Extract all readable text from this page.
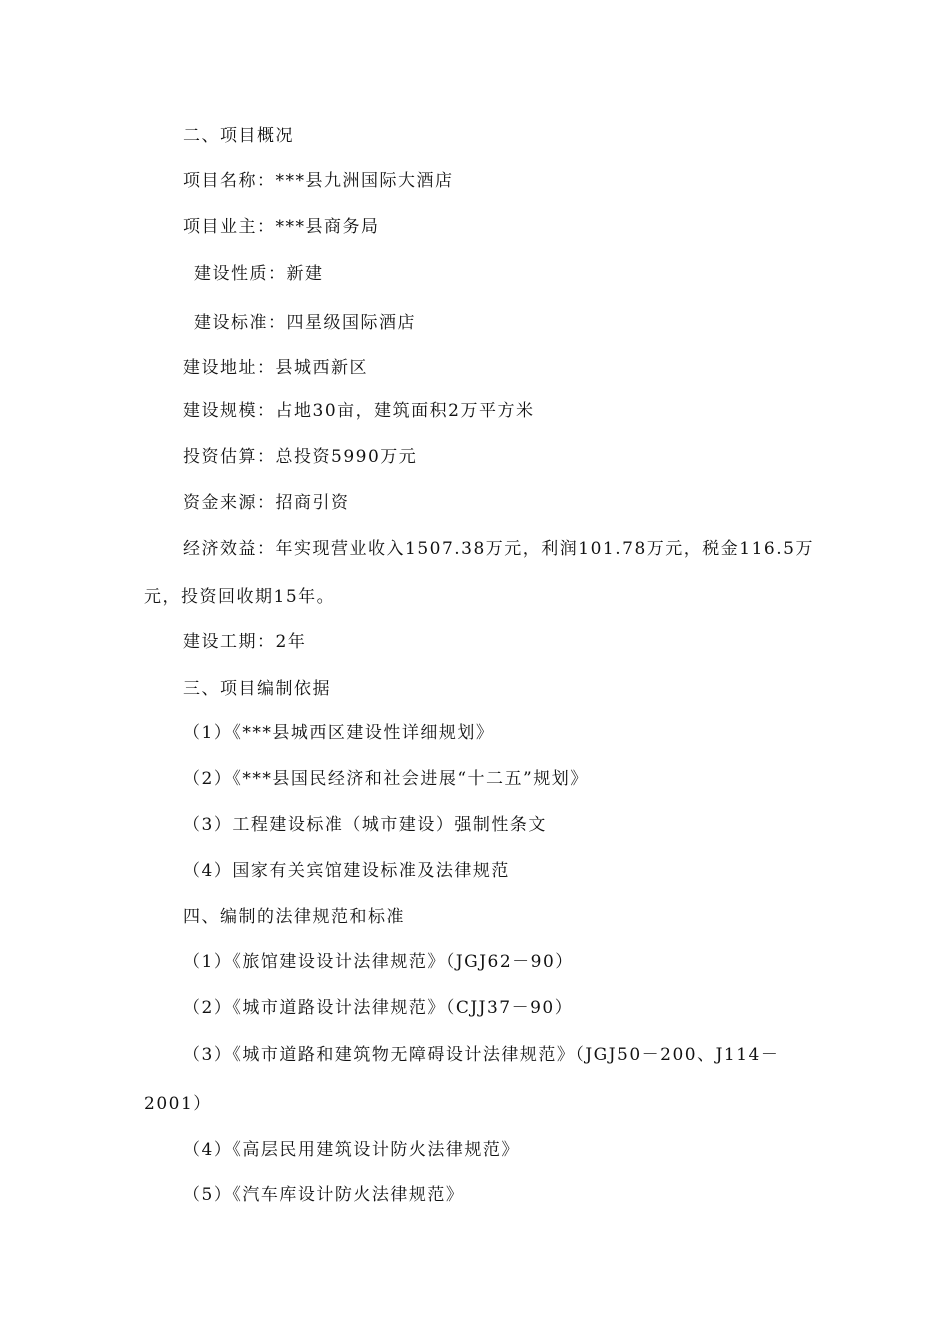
二、项目概况
项目名称：***县九洲国际大酒店
项目业主：***县商务局
建设性质：新建
建设标准：四星级国际酒店
建设地址：县城西新区
建设规模：占地30亩，建筑面积2万平方米
投资估算：总投资5990万元
资金来源：招商引资
经济效益：年实现营业收入1507.38万元，利润101.78万元，税金116.5万
元，投资回收期15年。
建设工期：2年
三、项目编制依据
（1）《***县城西区建设性详细规划》
（2）《***县国民经济和社会进展“十二五”规划》
（3）工程建设标准（城市建设）强制性条文
（4）国家有关宾馆建设标准及法律规范
四、编制的法律规范和标准
（1）《旅馆建设设计法律规范》（JGJ62－90）
（2）《城市道路设计法律规范》（CJJ37－90）
（3）《城市道路和建筑物无障碍设计法律规范》（JGJ50－200、J114－
2001）
（4）《高层民用建筑设计防火法律规范》
（5）《汽车库设计防火法律规范》
